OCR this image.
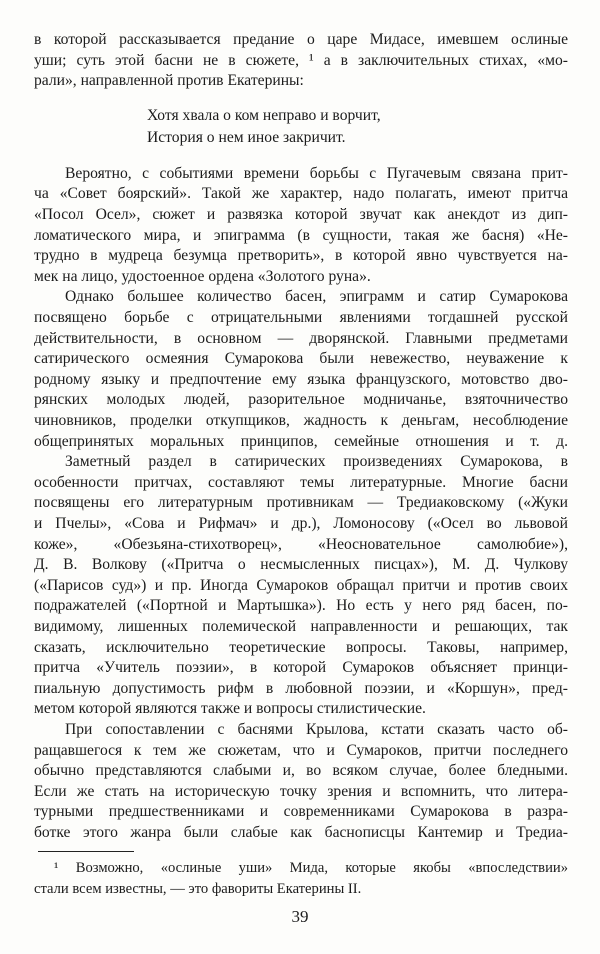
в которой рассказывается предание о царе Мидасе, имевшем ослиные
уши; суть этой басни не в сюжете, ¹ а в заключительных стихах, «мо-
рали», направленной против Екатерины:
Хотя хвала о ком неправо и ворчит,
История о нем иное закричит.
Вероятно, с событиями времени борьбы с Пугачевым связана прит-
ча «Совет боярский». Такой же характер, надо полагать, имеют притча
«Посол Осел», сюжет и развязка которой звучат как анекдот из дип-
ломатического мира, и эпиграмма (в сущности, такая же басня) «Не-
трудно в мудреца безумца претворить», в которой явно чувствуется на-
мек на лицо, удостоенное ордена «Золотого руна».
Однако большее количество басен, эпиграмм и сатир Сумарокова
посвящено борьбе с отрицательными явлениями тогдашней русской
действительности, в основном — дворянской. Главными предметами
сатирического осмеяния Сумарокова были невежество, неуважение к
родному языку и предпочтение ему языка французского, мотовство дво-
рянских молодых людей, разорительное модничанье, взяточничество
чиновников, проделки откупщиков, жадность к деньгам, несоблюдение
общепринятых моральных принципов, семейные отношения и т. д.
Заметный раздел в сатирических произведениях Сумарокова, в
особенности притчах, составляют темы литературные. Многие басни
посвящены его литературным противникам — Тредиаковскому («Жуки
и Пчелы», «Сова и Рифмач» и др.), Ломоносову («Осел во львовой
коже», «Обезьяна-стихотворец», «Неосновательное самолюбие»),
Д. В. Волкову («Притча о несмысленных писцах»), М. Д. Чулкову
(«Парисов суд») и пр. Иногда Сумароков обращал притчи и против своих
подражателей («Портной и Мартышка»). Но есть у него ряд басен, по-
видимому, лишенных полемической направленности и решающих, так
сказать, исключительно теоретические вопросы. Таковы, например,
притча «Учитель поэзии», в которой Сумароков объясняет принци-
пиальную допустимость рифм в любовной поэзии, и «Коршун», пред-
метом которой являются также и вопросы стилистические.
При сопоставлении с баснями Крылова, кстати сказать часто об-
ращавшегося к тем же сюжетам, что и Сумароков, притчи последнего
обычно представляются слабыми и, во всяком случае, более бледными.
Если же стать на историческую точку зрения и вспомнить, что литера-
турными предшественниками и современниками Сумарокова в разра-
ботке этого жанра были слабые как баснописцы Кантемир и Тредиа-
¹ Возможно, «ослиные уши» Мида, которые якобы «впоследствии»
стали всем известны, — это фавориты Екатерины II.
39
